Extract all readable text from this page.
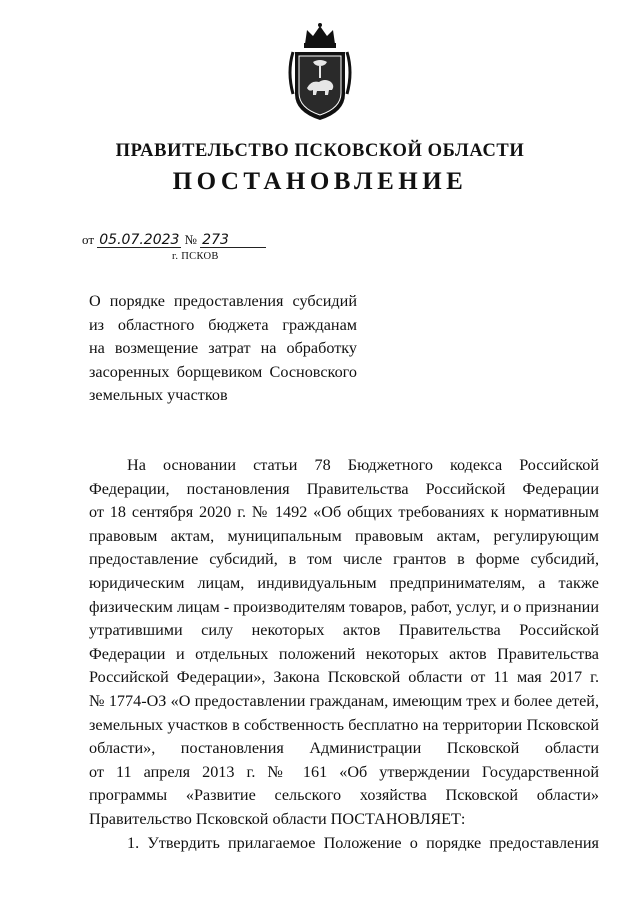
ПРАВИТЕЛЬСТВО ПСКОВСКОЙ ОБЛАСТИ
ПОСТАНОВЛЕНИЕ
от 05.07.2023 № 273
г. ПСКОВ
О порядке предоставления субсидий
из областного бюджета гражданам
на возмещение затрат на обработку
засоренных борщевиком Сосновского
земельных участков
На основании статьи 78 Бюджетного кодекса Российской
Федерации, постановления Правительства Российской Федерации
от 18 сентября 2020 г. № 1492 «Об общих требованиях к нормативным
правовым актам, муниципальным правовым актам, регулирующим
предоставление субсидий, в том числе грантов в форме субсидий,
юридическим лицам, индивидуальным предпринимателям, а также
физическим лицам - производителям товаров, работ, услуг, и о признании
утратившими силу некоторых актов Правительства Российской
Федерации и отдельных положений некоторых актов Правительства
Российской Федерации», Закона Псковской области от 11 мая 2017 г.
№ 1774-ОЗ «О предоставлении гражданам, имеющим трех и более детей,
земельных участков в собственность бесплатно на территории Псковской
области», постановления Администрации Псковской области
от 11 апреля 2013 г. № 161 «Об утверждении Государственной
программы «Развитие сельского хозяйства Псковской области»
Правительство Псковской области ПОСТАНОВЛЯЕТ:
1. Утвердить прилагаемое Положение о порядке предоставления
